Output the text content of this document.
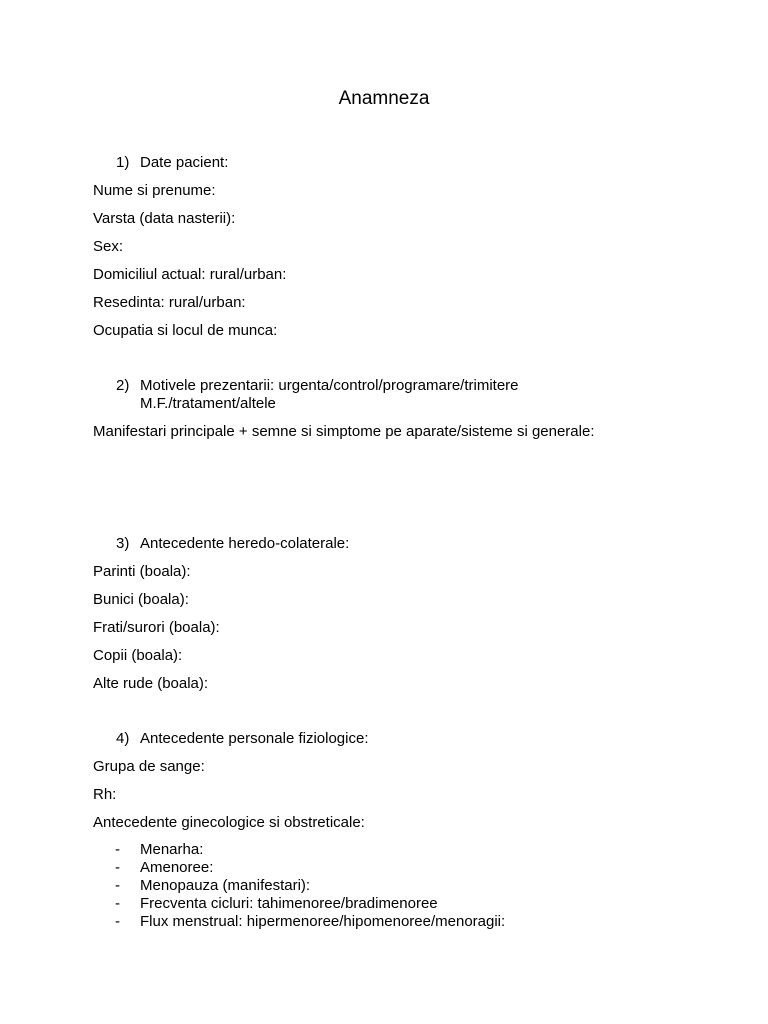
Anamneza
1) Date pacient:
Nume si prenume:
Varsta (data nasterii):
Sex:
Domiciliul actual: rural/urban:
Resedinta: rural/urban:
Ocupatia si locul de munca:
2) Motivele prezentarii: urgenta/control/programare/trimitere
M.F./tratament/altele
Manifestari principale + semne si simptome pe aparate/sisteme si generale:
3) Antecedente heredo-colaterale:
Parinti (boala):
Bunici (boala):
Frati/surori (boala):
Copii (boala):
Alte rude (boala):
4) Antecedente personale fiziologice:
Grupa de sange:
Rh:
Antecedente ginecologice si obstreticale:
- Menarha:
- Amenoree:
- Menopauza (manifestari):
- Frecventa cicluri: tahimenoree/bradimenoree
- Flux menstrual: hipermenoree/hipomenoree/menoragii:
